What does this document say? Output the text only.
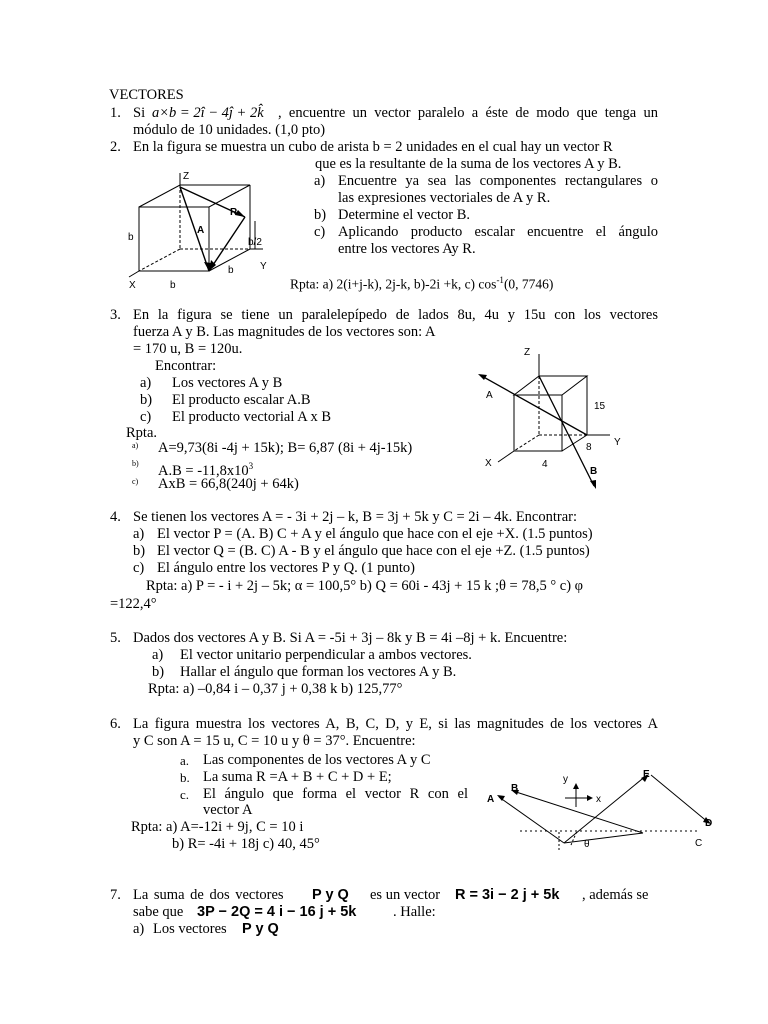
VECTORES
1. Si a×b = 2î − 4ĵ + 2k̂ , encuentre un vector paralelo a éste de modo que tenga un
módulo de 10 unidades. (1,0 pto)
2. En la figura se muestra un cubo de arista b = 2 unidades en el cual hay un vector R
que es la resultante de la suma de los vectores A y B.
a) Encuentre ya sea las componentes rectangulares o
las expresiones vectoriales de A y R.
b) Determine el vector B.
c) Aplicando producto escalar encuentre el ángulo
entre los vectores Ay R.
Rpta: a) 2(i+j-k), 2j-k, b)-2i +k, c) $\cos^{-1}(0$, 7746)
Z
R
A
b	b/2
Y
b
X	b
3. En la figura se tiene un paralelepípedo de lados 8u, 4u y 15u con los vectores
fuerza A y B. Las magnitudes de los vectores son: A
= 170 u, B = 120u.
Encontrar:
a) Los vectores A y B
b) El producto escalar A.B
c) El producto vectorial A x B
Rpta.
a) A=9,73(8i -4j + 15k); B= 6,87 (8i + 4j-15k)
b) $A.B = -11,8x10^3$
c) AxB = 66,8(240j + 64k)
Z
A
15
8 Y
X	4
B
4. Se tienen los vectores A = - 3i + 2j – k, B = 3j + 5k y C = 2i – 4k. Encontrar:
a) El vector P = (A. B) C + A y el ángulo que hace con el eje +X. (1.5 puntos)
b) El vector Q = (B. C) A - B y el ángulo que hace con el eje +Z. (1.5 puntos)
c) El ángulo entre los vectores P y Q. (1 punto)
Rpta: a) P = - i + 2j – 5k; α = 100,5° b) Q = 60i - 43j + 15 k ;θ = 78,5 ° c) φ
=122,4°
5. Dados dos vectores A y B. Si A = -5i + 3j – 8k y B = 4i –8j + k. Encuentre:
a) El vector unitario perpendicular a ambos vectores.
b) Hallar el ángulo que forman los vectores A y B.
Rpta: a) –0,84 i – 0,37 j + 0,38 k b) 125,77°
6. La figura muestra los vectores A, B, C, D, y E, si las magnitudes de los vectores A
y C son A = 15 u, C = 10 u y θ = 37°. Encuentre:
a. Las componentes de los vectores A y C
b. La suma R =A + B + C + D + E;
c. El ángulo que forma el vector R con el
vector A
Rpta: a) A=-12i + 9j, C = 10 i
b) R= -4i + 18j c) 40, 45°
A
B
y
x
E
D
C
θ
7. La suma de dos vectores P y Q es un vector R = 3i − 2 j + 5k , además se
sabe que 3P − 2Q = 4 i − 16 j + 5k	. Halle:
a) Los vectores P y Q
